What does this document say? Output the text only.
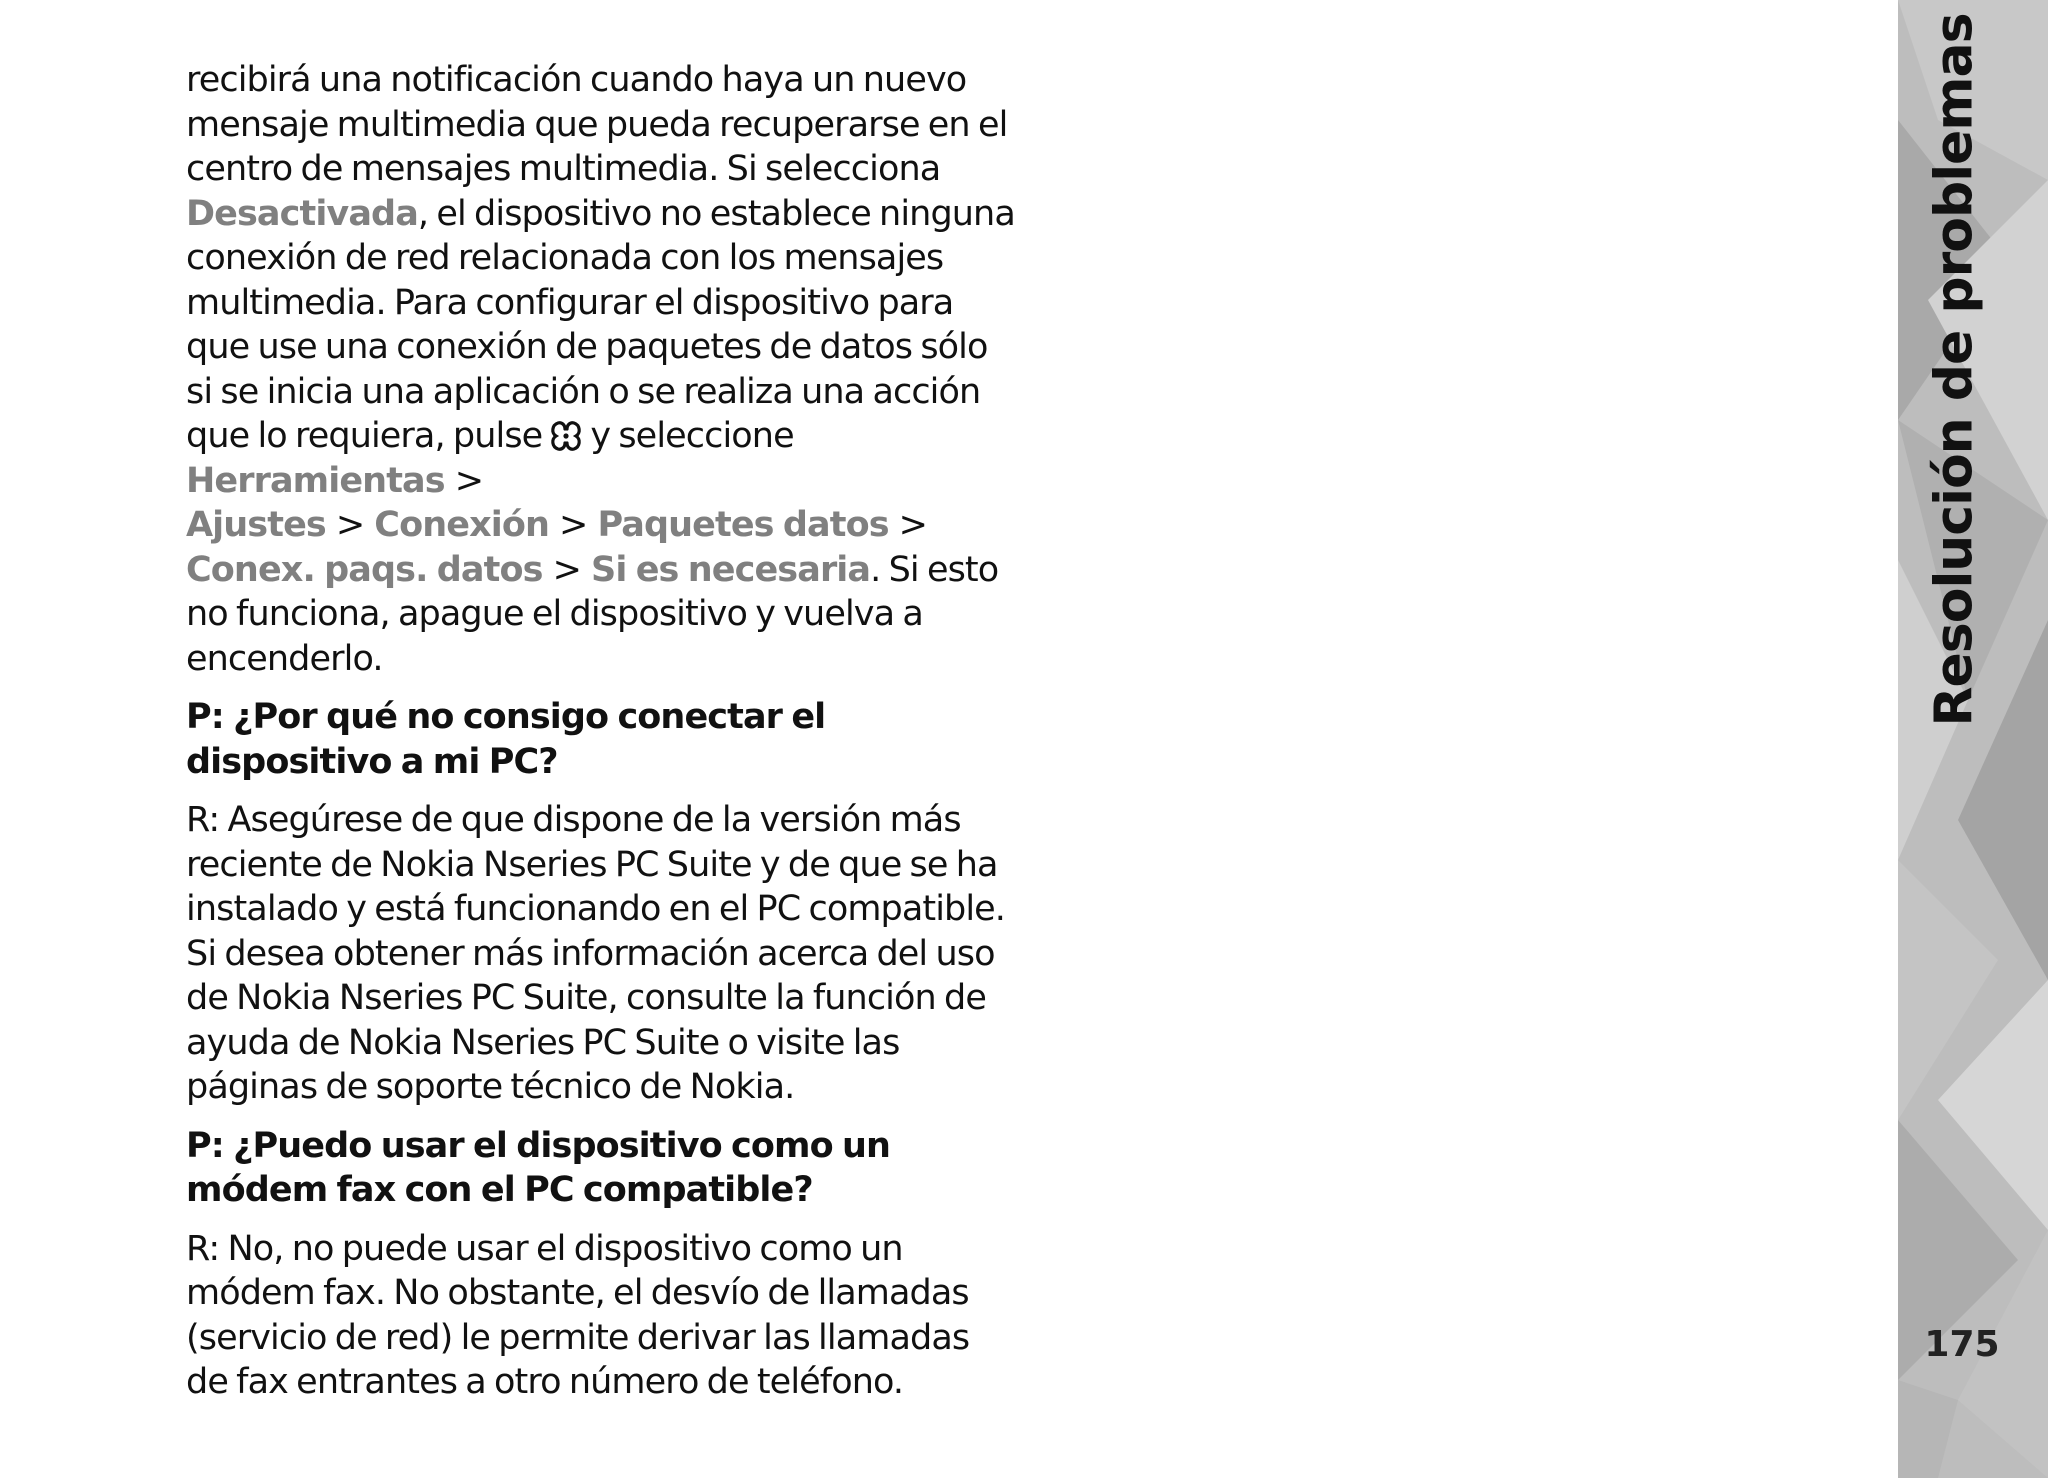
recibirá una notificación cuando haya un nuevo mensaje multimedia que pueda recuperarse en el centro de mensajes multimedia. Si selecciona Desactivada, el dispositivo no establece ninguna conexión de red relacionada con los mensajes multimedia. Para configurar el dispositivo para que use una conexión de paquetes de datos sólo si se inicia una aplicación o se realiza una acción que lo requiera, pulse y seleccione Herramientas > Ajustes > Conexión > Paquetes datos > Conex. paqs. datos > Si es necesaria. Si esto no funciona, apague el dispositivo y vuelva a encenderlo.

P: ¿Por qué no consigo conectar el dispositivo a mi PC?

R: Asegúrese de que dispone de la versión más reciente de Nokia Nseries PC Suite y de que se ha instalado y está funcionando en el PC compatible. Si desea obtener más información acerca del uso de Nokia Nseries PC Suite, consulte la función de ayuda de Nokia Nseries PC Suite o visite las páginas de soporte técnico de Nokia.

P: ¿Puedo usar el dispositivo como un módem fax con el PC compatible?

R: No, no puede usar el dispositivo como un módem fax. No obstante, el desvío de llamadas (servicio de red) le permite derivar las llamadas de fax entrantes a otro número de teléfono.

Resolución de problemas
175
